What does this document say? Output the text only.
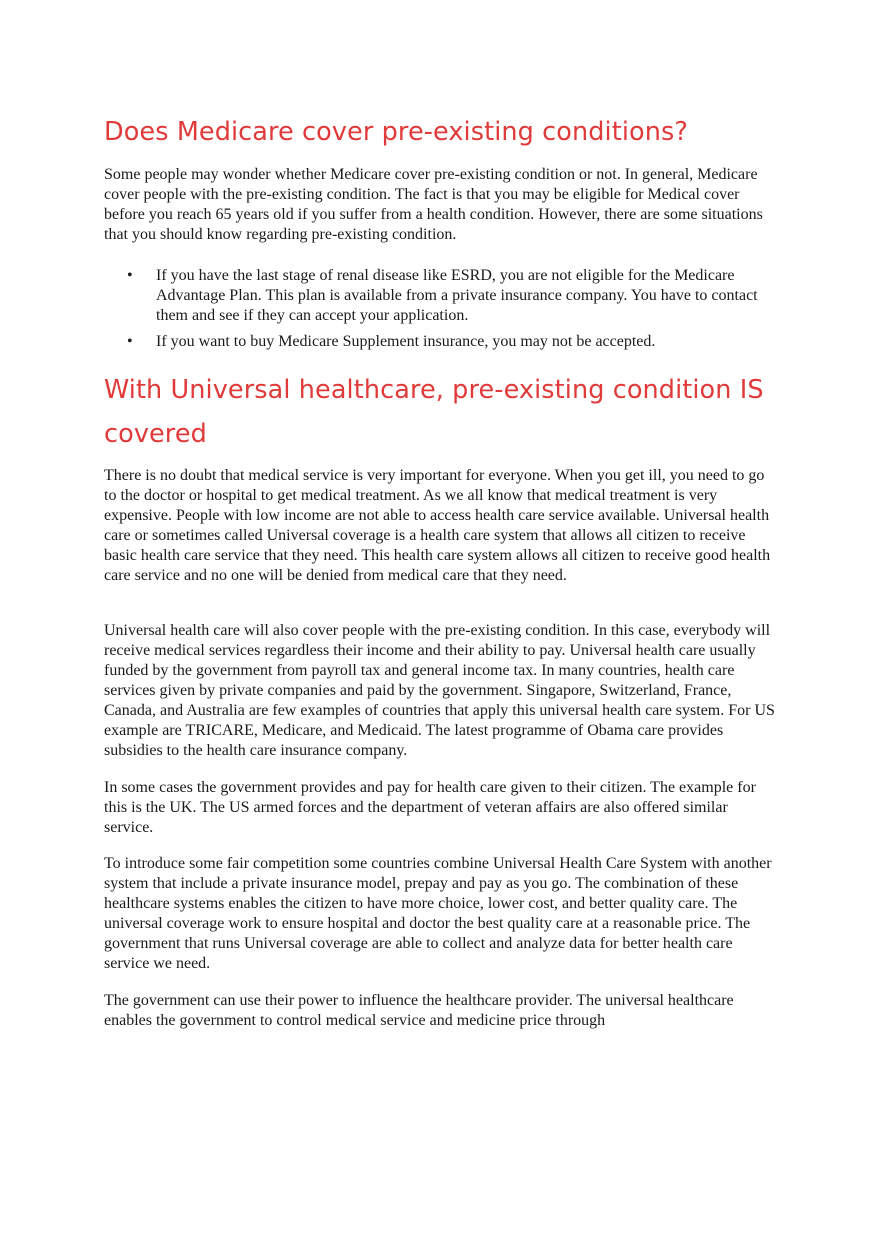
Does Medicare cover pre-existing conditions?

Some people may wonder whether Medicare cover pre-existing condition or not. In general, Medicare cover people with the pre-existing condition. The fact is that you may be eligible for Medical cover before you reach 65 years old if you suffer from a health condition. However, there are some situations that you should know regarding pre-existing condition.

• If you have the last stage of renal disease like ESRD, you are not eligible for the Medicare Advantage Plan. This plan is available from a private insurance company. You have to contact them and see if they can accept your application.
• If you want to buy Medicare Supplement insurance, you may not be accepted.
With Universal healthcare, pre-existing condition IS covered

There is no doubt that medical service is very important for everyone. When you get ill, you need to go to the doctor or hospital to get medical treatment. As we all know that medical treatment is very expensive. People with low income are not able to access health care service available. Universal health care or sometimes called Universal coverage is a health care system that allows all citizen to receive basic health care service that they need. This health care system allows all citizen to receive good health care service and no one will be denied from medical care that they need.

Universal health care will also cover people with the pre-existing condition. In this case, everybody will receive medical services regardless their income and their ability to pay. Universal health care usually funded by the government from payroll tax and general income tax. In many countries, health care services given by private companies and paid by the government. Singapore, Switzerland, France, Canada, and Australia are few examples of countries that apply this universal health care system. For US example are TRICARE, Medicare, and Medicaid. The latest programme of Obama care provides subsidies to the health care insurance company.

In some cases the government provides and pay for health care given to their citizen. The example for this is the UK. The US armed forces and the department of veteran affairs are also offered similar service.

To introduce some fair competition some countries combine Universal Health Care System with another system that include a private insurance model, prepay and pay as you go. The combination of these healthcare systems enables the citizen to have more choice, lower cost, and better quality care. The universal coverage work to ensure hospital and doctor the best quality care at a reasonable price. The government that runs Universal coverage are able to collect and analyze data for better health care service we need.

The government can use their power to influence the healthcare provider. The universal healthcare enables the government to control medical service and medicine price through
